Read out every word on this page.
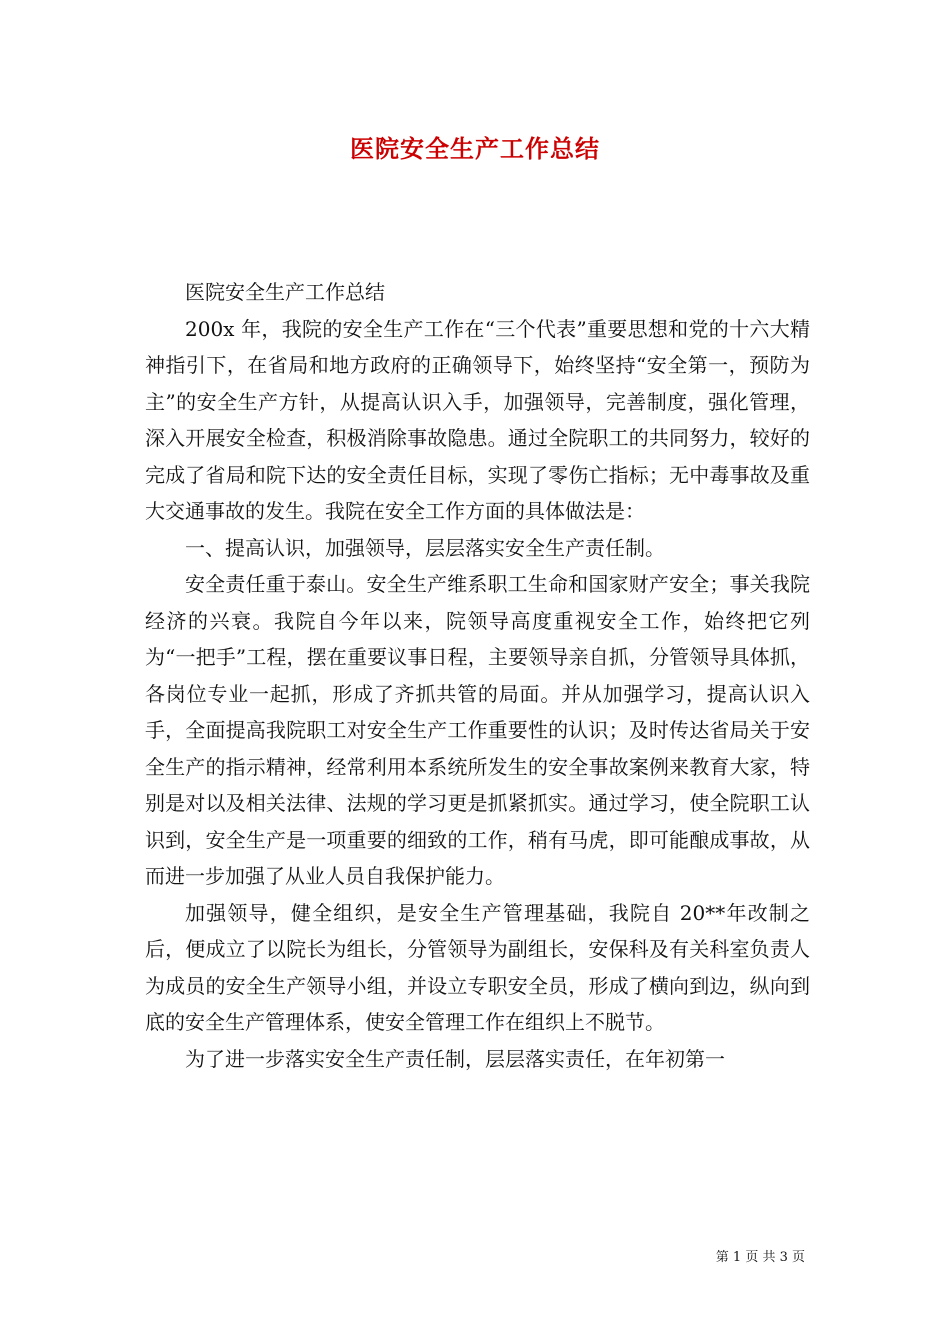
医院安全生产工作总结

医院安全生产工作总结

200x 年，我院的安全生产工作在“三个代表”重要思想和党的十六大精神指引下，在省局和地方政府的正确领导下，始终坚持“安全第一，预防为主”的安全生产方针，从提高认识入手，加强领导，完善制度，强化管理，深入开展安全检查，积极消除事故隐患。通过全院职工的共同努力，较好的完成了省局和院下达的安全责任目标，实现了零伤亡指标；无中毒事故及重大交通事故的发生。我院在安全工作方面的具体做法是：

一、提高认识，加强领导，层层落实安全生产责任制。

安全责任重于泰山。安全生产维系职工生命和国家财产安全；事关我院经济的兴衰。我院自今年以来，院领导高度重视安全工作，始终把它列为“一把手”工程，摆在重要议事日程，主要领导亲自抓，分管领导具体抓，各岗位专业一起抓，形成了齐抓共管的局面。并从加强学习，提高认识入手，全面提高我院职工对安全生产工作重要性的认识；及时传达省局关于安全生产的指示精神，经常利用本系统所发生的安全事故案例来教育大家，特别是对以及相关法律、法规的学习更是抓紧抓实。通过学习，使全院职工认识到，安全生产是一项重要的细致的工作，稍有马虎，即可能酿成事故，从而进一步加强了从业人员自我保护能力。

加强领导，健全组织，是安全生产管理基础，我院自 20**年改制之后，便成立了以院长为组长，分管领导为副组长，安保科及有关科室负责人为成员的安全生产领导小组，并设立专职安全员，形成了横向到边，纵向到底的安全生产管理体系，使安全管理工作在组织上不脱节。

为了进一步落实安全生产责任制，层层落实责任，在年初第一

第 1 页 共 3 页
